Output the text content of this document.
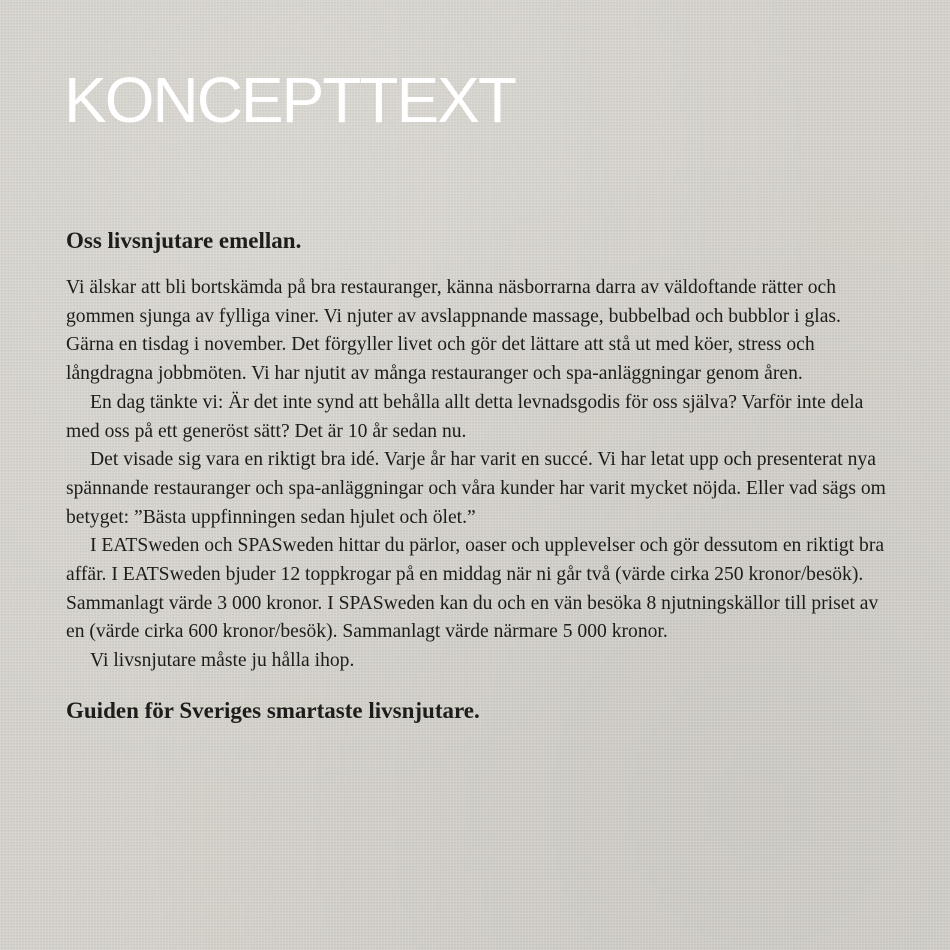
KONCEPTTEXT
Oss livsnjutare emellan.

Vi älskar att bli bortskämda på bra restauranger, känna näsborrarna darra av väldoftande rätter och gommen sjunga av fylliga viner. Vi njuter av avslappnande massage, bubbelbad och bubblor i glas. Gärna en tisdag i november. Det förgyller livet och gör det lättare att stå ut med köer, stress och långdragna jobbmöten. Vi har njutit av många restauranger och spa-anläggningar genom åren.

En dag tänkte vi: Är det inte synd att behålla allt detta levnadsgodis för oss själva? Varför inte dela med oss på ett generöst sätt? Det är 10 år sedan nu.

Det visade sig vara en riktigt bra idé. Varje år har varit en succé. Vi har letat upp och presenterat nya spännande restauranger och spa-anläggningar och våra kunder har varit mycket nöjda. Eller vad sägs om betyget: ”Bästa uppfinningen sedan hjulet och ölet.”

I EATSweden och SPASweden hittar du pärlor, oaser och upplevelser och gör dessutom en riktigt bra affär. I EATSweden bjuder 12 toppkrogar på en middag när ni går två (värde cirka 250 kronor/besök). Sammanlagt värde 3 000 kronor. I SPASweden kan du och en vän besöka 8 njutningskällor till priset av en (värde cirka 600 kronor/besök). Sammanlagt värde närmare 5 000 kronor.

Vi livsnjutare måste ju hålla ihop.

Guiden för Sveriges smartaste livsnjutare.
